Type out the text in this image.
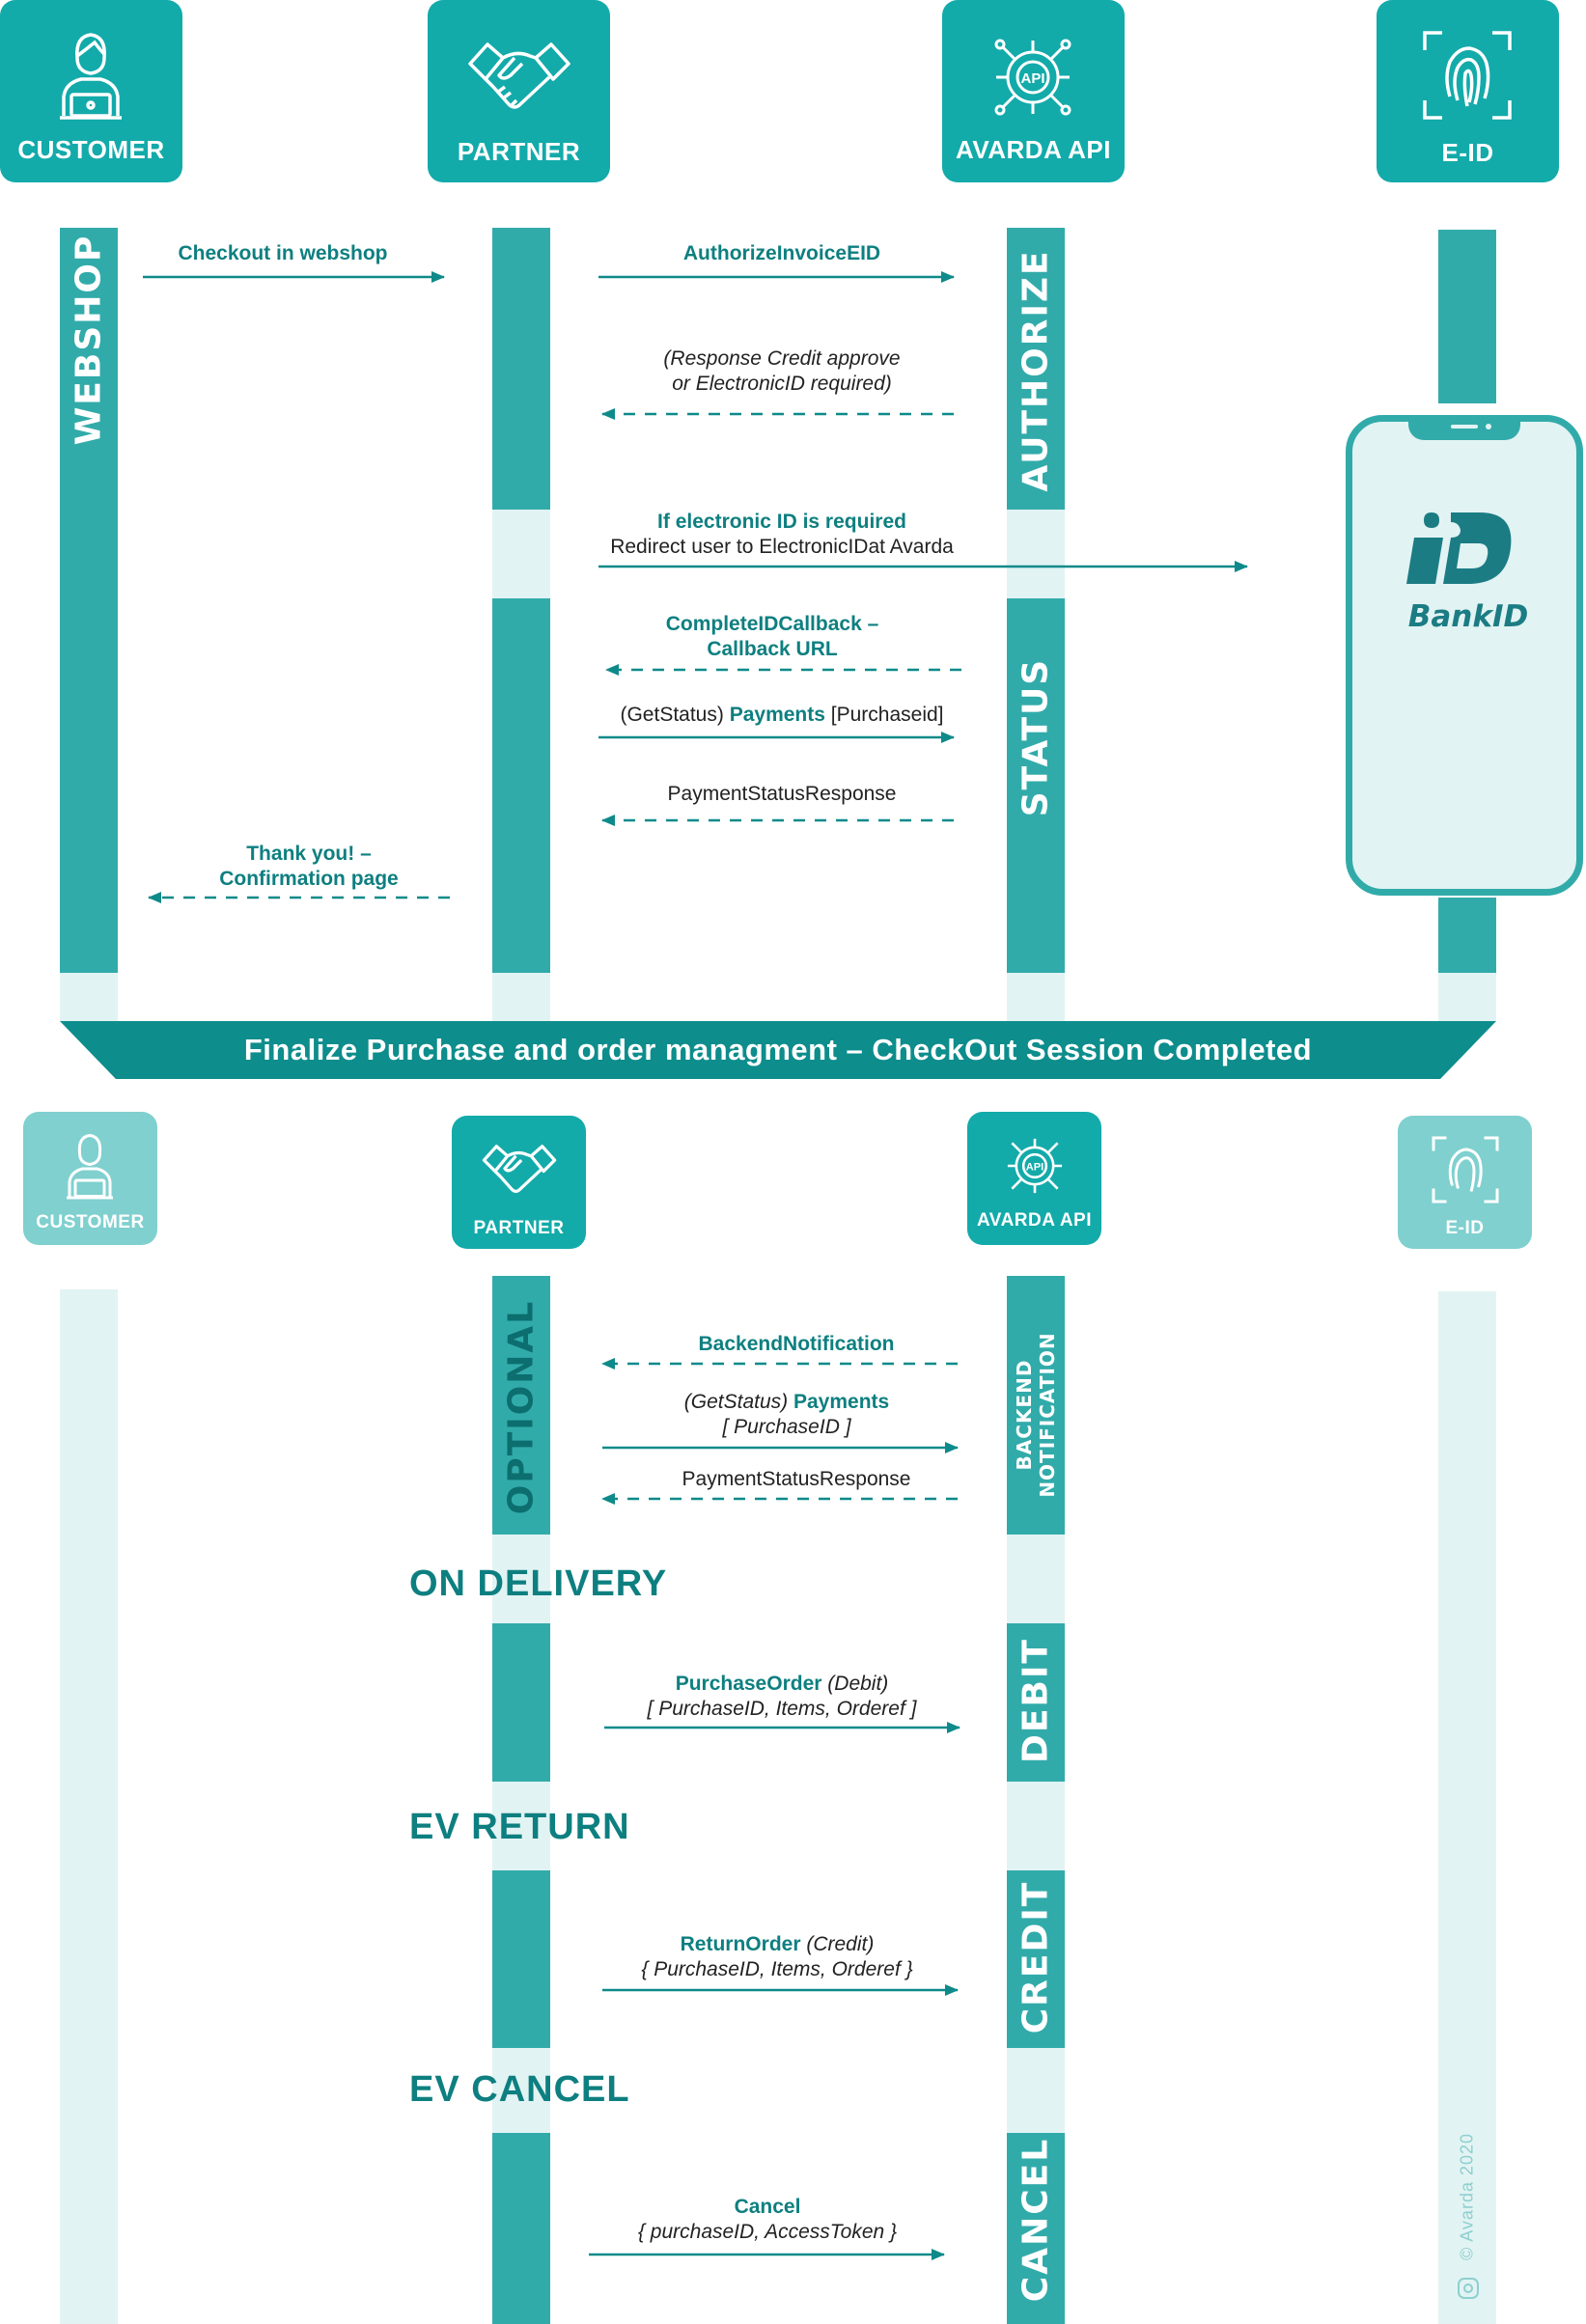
CUSTOMER	PARTNER
API
AVARDA API	E-ID
WEBSHOP	AUTHORIZE
STATUS
BankID
Checkout in webshop	AuthorizeInvoiceEID
(Response Credit approve
or ElectronicID required)
If electronic ID is required
Redirect user to ElectronicIDat Avarda
CompleteIDCallback –
Callback URL
(GetStatus) Payments [Purchaseid]
PaymentStatusResponse
Thank you! –
Confirmation page
Finalize Purchase and order managment – CheckOut Session Completed
CUSTOMER	PARTNER
API
AVARDA API	E-ID
OPTIONAL	BACKEND NOTIFICATION
DEBIT
CREDIT
CANCEL
ON DELIVERY
EV RETURN
EV CANCEL
BackendNotification
(GetStatus) Payments
[ PurchaseID ]
PaymentStatusResponse
PurchaseOrder (Debit)
[ PurchaseID, Items, Orderef ]
ReturnOrder (Credit)
{ PurchaseID, Items, Orderef }
Cancel
{ purchaseID, AccessToken }	© Avarda 2020
